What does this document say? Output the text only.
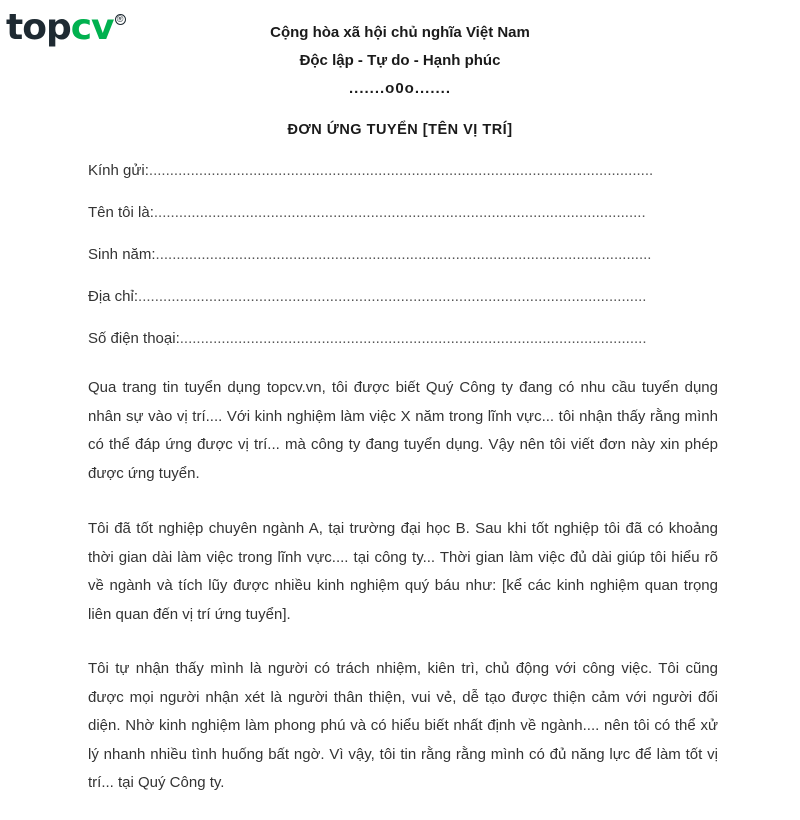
topcv ®
Cộng hòa xã hội chủ nghĩa Việt Nam
Độc lập - Tự do - Hạnh phúc
.......o0o.......
ĐƠN ỨNG TUYỂN [TÊN VỊ TRÍ]
Kính gửi:.........................................................................................................................
Tên tôi là:......................................................................................................................
Sinh năm:.......................................................................................................................
Địa chỉ:..........................................................................................................................
Số điện thoại:................................................................................................................

Qua trang tin tuyển dụng topcv.vn, tôi được biết Quý Công ty đang có nhu cầu tuyển dụng nhân sự vào vị trí.... Với kinh nghiệm làm việc X năm trong lĩnh vực... tôi nhận thấy rằng mình có thể đáp ứng được vị trí... mà công ty đang tuyển dụng. Vậy nên tôi viết đơn này xin phép được ứng tuyển.

Tôi đã tốt nghiệp chuyên ngành A, tại trường đại học B. Sau khi tốt nghiệp tôi đã có khoảng thời gian dài làm việc trong lĩnh vực.... tại công ty... Thời gian làm việc đủ dài giúp tôi hiểu rõ về ngành và tích lũy được nhiều kinh nghiệm quý báu như: [kể các kinh nghiệm quan trọng liên quan đến vị trí ứng tuyển].

Tôi tự nhận thấy mình là người có trách nhiệm, kiên trì, chủ động với công việc. Tôi cũng được mọi người nhận xét là người thân thiện, vui vẻ, dễ tạo được thiện cảm với người đối diện. Nhờ kinh nghiệm làm phong phú và có hiểu biết nhất định về ngành.... nên tôi có thể xử lý nhanh nhiều tình huống bất ngờ. Vì vậy, tôi tin rằng rằng mình có đủ năng lực để làm tốt vị trí... tại Quý Công ty.
